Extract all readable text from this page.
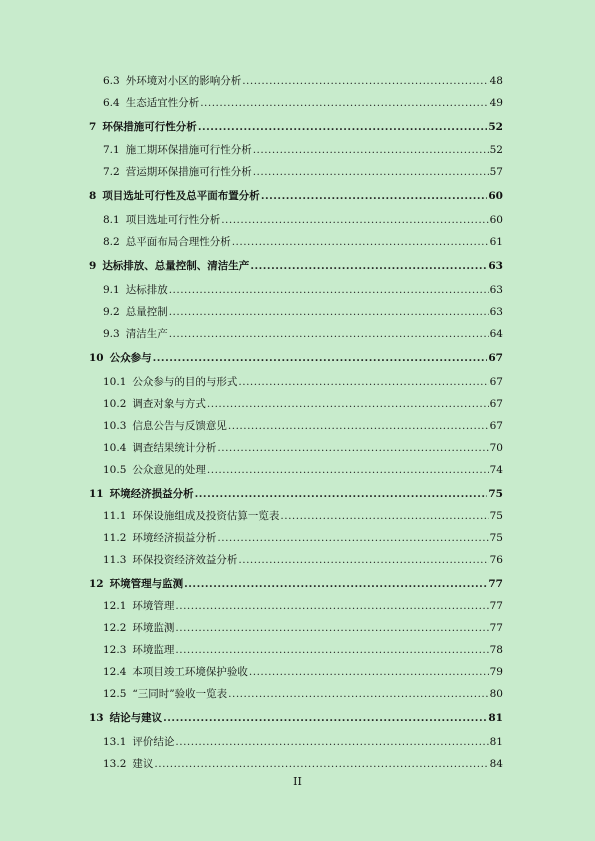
6.3 外环境对小区的影响分析 .....	48
6.4 生态适宜性分析 .....	49
7 环保措施可行性分析 .....	52
7.1 施工期环保措施可行性分析 .....	52
7.2 营运期环保措施可行性分析 .....	57
8 项目选址可行性及总平面布置分析 .....	60
8.1 项目选址可行性分析 .....	60
8.2 总平面布局合理性分析 .....	61
9 达标排放、总量控制、清洁生产 .....	63
9.1 达标排放 .....	63
9.2 总量控制 .....	63
9.3 清洁生产 .....	64
10 公众参与 .....	67
10.1 公众参与的目的与形式 .....	67
10.2 调查对象与方式 .....	67
10.3 信息公告与反馈意见 .....	67
10.4 调查结果统计分析 .....	70
10.5 公众意见的处理 .....	74
11 环境经济损益分析 .....	75
11.1 环保设施组成及投资估算一览表 .....	75
11.2 环境经济损益分析 .....	75
11.3 环保投资经济效益分析 .....	76
12 环境管理与监测 .....	77
12.1 环境管理 .....	77
12.2 环境监测 .....	77
12.3 环境监理 .....	78
12.4 本项目竣工环境保护验收 .....	79
12.5 “三同时”验收一览表 .....	80
13 结论与建议 .....	81
13.1 评价结论 .....	81
13.2 建议 .....	84
II
